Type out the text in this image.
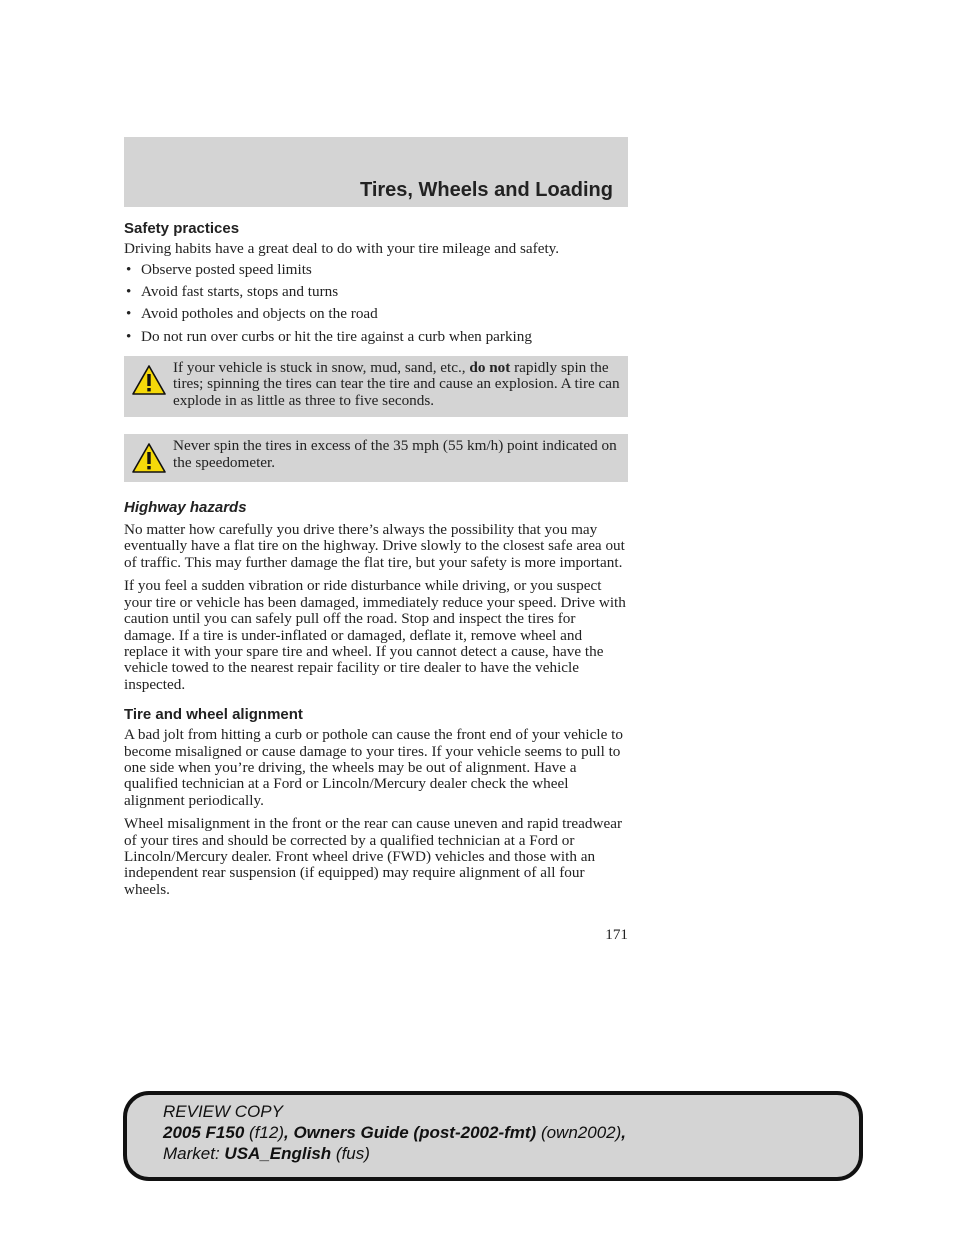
Tires, Wheels and Loading
Safety practices

Driving habits have a great deal to do with your tire mileage and safety.

• Observe posted speed limits
• Avoid fast starts, stops and turns
• Avoid potholes and objects on the road
• Do not run over curbs or hit the tire against a curb when parking
If your vehicle is stuck in snow, mud, sand, etc., do not rapidly spin the tires; spinning the tires can tear the tire and cause an explosion. A tire can explode in as little as three to five seconds.
Never spin the tires in excess of the 35 mph (55 km/h) point indicated on the speedometer.
Highway hazards

No matter how carefully you drive there’s always the possibility that you may eventually have a flat tire on the highway. Drive slowly to the closest safe area out of traffic. This may further damage the flat tire, but your safety is more important.

If you feel a sudden vibration or ride disturbance while driving, or you suspect your tire or vehicle has been damaged, immediately reduce your speed. Drive with caution until you can safely pull off the road. Stop and inspect the tires for damage. If a tire is under-inflated or damaged, deflate it, remove wheel and replace it with your spare tire and wheel. If you cannot detect a cause, have the vehicle towed to the nearest repair facility or tire dealer to have the vehicle inspected.

Tire and wheel alignment

A bad jolt from hitting a curb or pothole can cause the front end of your vehicle to become misaligned or cause damage to your tires. If your vehicle seems to pull to one side when you’re driving, the wheels may be out of alignment. Have a qualified technician at a Ford or Lincoln/Mercury dealer check the wheel alignment periodically.

Wheel misalignment in the front or the rear can cause uneven and rapid treadwear of your tires and should be corrected by a qualified technician at a Ford or Lincoln/Mercury dealer. Front wheel drive (FWD) vehicles and those with an independent rear suspension (if equipped) may require alignment of all four wheels.

171
REVIEW COPY
2005 F150 (f12), Owners Guide (post-2002-fmt) (own2002),
Market: USA_English (fus)
